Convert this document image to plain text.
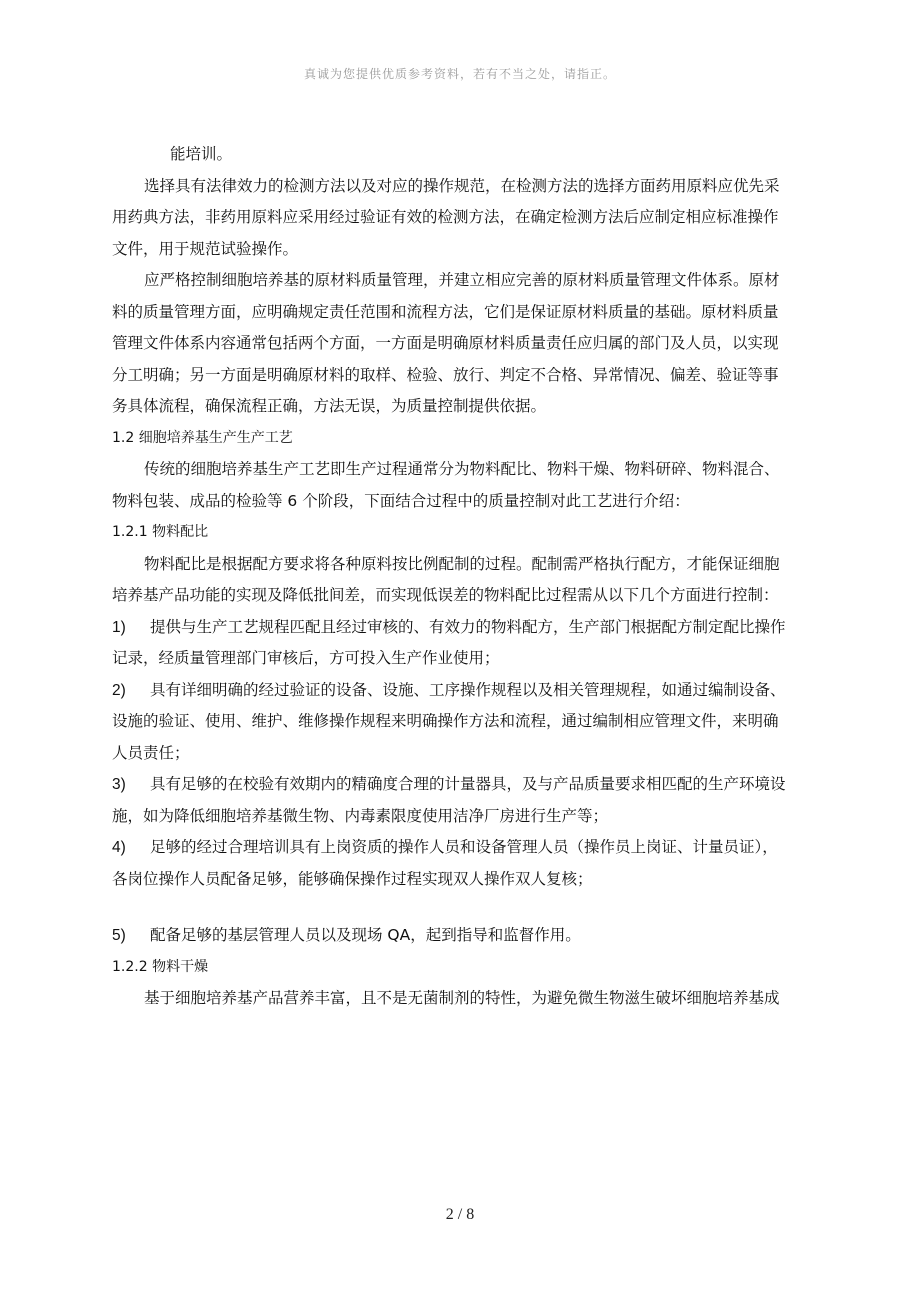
真诚为您提供优质参考资料，若有不当之处，请指正。
能培训。
选择具有法律效力的检测方法以及对应的操作规范，在检测方法的选择方面药用原料应优先采
用药典方法，非药用原料应采用经过验证有效的检测方法，在确定检测方法后应制定相应标准操作
文件，用于规范试验操作。
应严格控制细胞培养基的原材料质量管理，并建立相应完善的原材料质量管理文件体系。原材
料的质量管理方面，应明确规定责任范围和流程方法，它们是保证原材料质量的基础。原材料质量
管理文件体系内容通常包括两个方面，一方面是明确原材料质量责任应归属的部门及人员，以实现
分工明确；另一方面是明确原材料的取样、检验、放行、判定不合格、异常情况、偏差、验证等事
务具体流程，确保流程正确，方法无误，为质量控制提供依据。
1.2 细胞培养基生产生产工艺
传统的细胞培养基生产工艺即生产过程通常分为物料配比、物料干燥、物料研碎、物料混合、
物料包装、成品的检验等 6 个阶段，下面结合过程中的质量控制对此工艺进行介绍：
1.2.1 物料配比
物料配比是根据配方要求将各种原料按比例配制的过程。配制需严格执行配方，才能保证细胞
培养基产品功能的实现及降低批间差，而实现低误差的物料配比过程需从以下几个方面进行控制：
1) 提供与生产工艺规程匹配且经过审核的、有效力的物料配方，生产部门根据配方制定配比操作
记录，经质量管理部门审核后，方可投入生产作业使用；
2) 具有详细明确的经过验证的设备、设施、工序操作规程以及相关管理规程，如通过编制设备、
设施的验证、使用、维护、维修操作规程来明确操作方法和流程，通过编制相应管理文件，来明确
人员责任；
3) 具有足够的在校验有效期内的精确度合理的计量器具，及与产品质量要求相匹配的生产环境设
施，如为降低细胞培养基微生物、内毒素限度使用洁净厂房进行生产等；
4) 足够的经过合理培训具有上岗资质的操作人员和设备管理人员（操作员上岗证、计量员证），
各岗位操作人员配备足够，能够确保操作过程实现双人操作双人复核；
5) 配备足够的基层管理人员以及现场 QA，起到指导和监督作用。
1.2.2 物料干燥
基于细胞培养基产品营养丰富，且不是无菌制剂的特性，为避免微生物滋生破坏细胞培养基成
2 / 8
